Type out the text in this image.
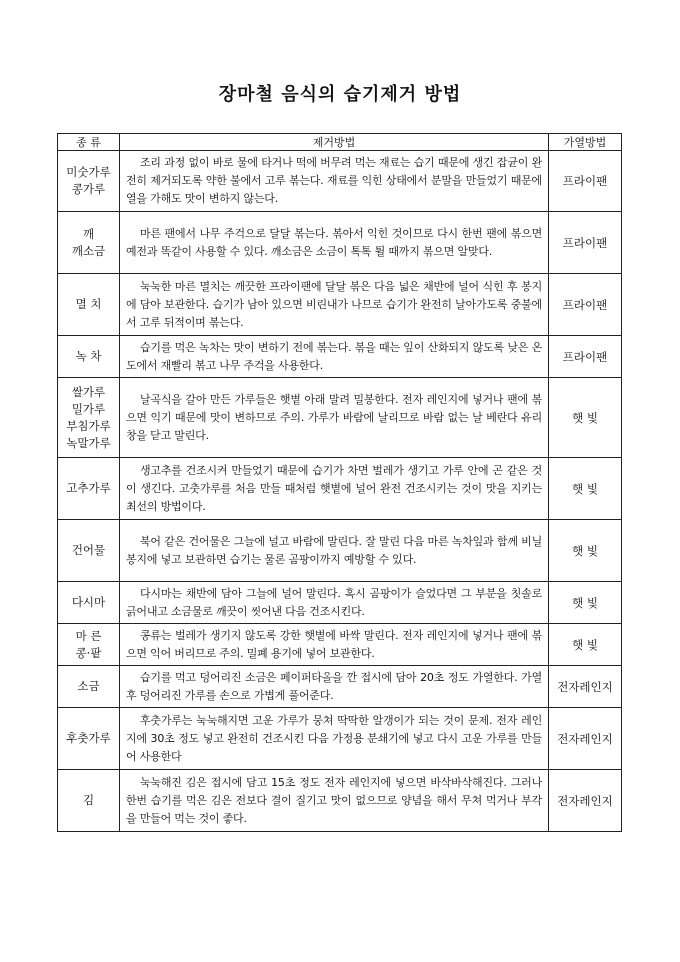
장마철 음식의 습기제거 방법
종 류	제거방법	가열방법

미숫가루
콩가루	조리 과정 없이 바로 물에 타거나 떡에 버무려 먹는 재료는 습기 때문에 생긴 잡균이 완전히 제거되도록 약한 불에서 고루 볶는다. 재료를 익힌 상태에서 분말을 만들었기 때문에 열을 가해도 맛이 변하지 않는다.	프라이팬

깨
깨소금	마른 팬에서 나무 주걱으로 달달 볶는다. 볶아서 익힌 것이므로 다시 한번 팬에 볶으면 예전과 똑같이 사용할 수 있다. 깨소금은 소금이 톡톡 튈 때까지 볶으면 알맞다.	프라이팬

멸 치	눅눅한 마른 멸치는 깨끗한 프라이팬에 달달 볶은 다음 넓은 채반에 널어 식힌 후 봉지에 담아 보관한다. 습기가 남아 있으면 비린내가 나므로 습기가 완전히 날아가도록 중불에서 고루 뒤적이며 볶는다.	프라이팬

녹 차	습기를 먹은 녹차는 맛이 변하기 전에 볶는다. 볶을 때는 잎이 산화되지 않도록 낮은 온도에서 재빨리 볶고 나무 주걱을 사용한다.	프라이팬

쌀가루
밀가루
부침가루
녹말가루	날곡식을 갈아 만든 가루들은 햇볕 아래 말려 밀봉한다. 전자 레인지에 넣거나 팬에 볶으면 익기 때문에 맛이 변하므로 주의. 가루가 바람에 날리므로 바람 없는 날 베란다 유리창을 닫고 말린다.	햇 빛

고추가루	생고추를 건조시켜 만들었기 때문에 습기가 차면 벌레가 생기고 가루 안에 곤 같은 것이 생긴다. 고춧가루를 처음 만들 때처럼 햇볕에 널어 완전 건조시키는 것이 맛을 지키는 최선의 방법이다.	햇 빛

건어물	북어 같은 건어물은 그늘에 널고 바람에 말린다. 잘 말린 다음 마른 녹차잎과 함께 비닐 봉지에 넣고 보관하면 습기는 물론 곰팡이까지 예방할 수 있다.	햇 빛

다시마	다시마는 채반에 담아 그늘에 널어 말린다. 혹시 곰팡이가 슬었다면 그 부분을 칫솔로 긁어내고 소금물로 깨끗이 씻어낸 다음 건조시킨다.	햇 빛

마 른
콩·팥	콩류는 벌레가 생기지 않도록 강한 햇볕에 바싹 말린다. 전자 레인지에 넣거나 팬에 볶으면 익어 버리므로 주의. 밀폐 용기에 넣어 보관한다.	햇 빛

소금	습기를 먹고 덩어리진 소금은 페이퍼타올을 깐 접시에 담아 20초 정도 가열한다. 가열후 덩어리진 가루를 손으로 가볍게 풀어준다.	전자레인지

후춧가루	후춧가루는 눅눅해지면 고운 가루가 뭉쳐 딱딱한 알갱이가 되는 것이 문제. 전자 레인지에 30초 정도 넣고 완전히 건조시킨 다음 가정용 분쇄기에 넣고 다시 고운 가루를 만들어 사용한다	전자레인지

김	눅눅해진 김은 접시에 담고 15초 정도 전자 레인지에 넣으면 바삭바삭해진다. 그러나 한번 습기를 먹은 김은 전보다 결이 질기고 맛이 없으므로 양념을 해서 무쳐 먹거나 부각을 만들어 먹는 것이 좋다.	전자레인지
